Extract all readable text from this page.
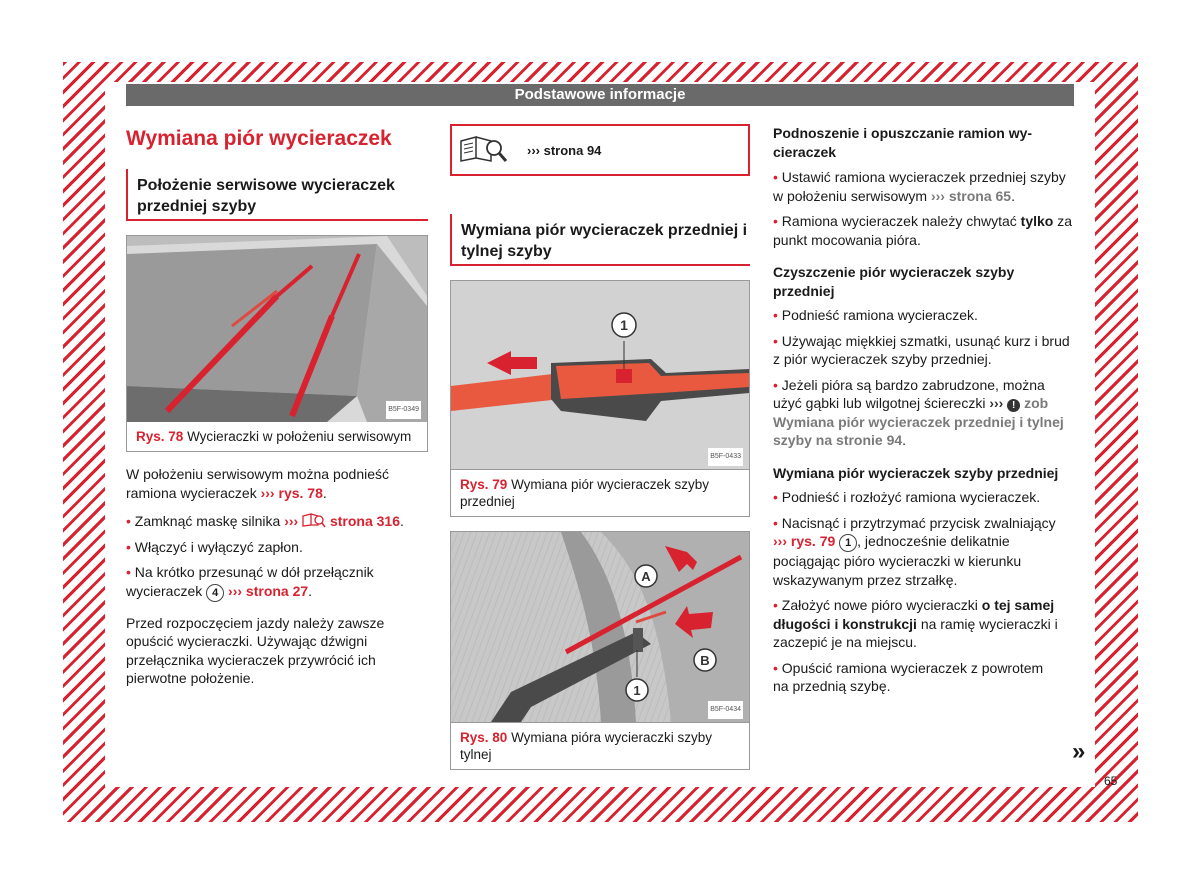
Podstawowe informacje
Wymiana piór wycieraczek
Położenie serwisowe wycieraczek przedniej szyby
B5F-0349
Rys. 78 Wycieraczki w położeniu serwisowym

W położeniu serwisowym można podnieść ramiona wycieraczek ››› rys. 78.

• Zamknąć maskę silnika ››› strona 316.
• Włączyć i wyłączyć zapłon.
• Na krótko przesunąć w dół przełącznik wycieraczek 4 ››› strona 27.

Przed rozpoczęciem jazdy należy zawsze opuścić wycieraczki. Używając dźwigni przełącznika wycieraczek przywrócić ich pierwotne położenie.

››› strona 94
Wymiana piór wycieraczek przedniej i tylnej szyby
1
B5F-0433
Rys. 79 Wymiana piór wycieraczek szyby przedniej
A
B
1
B5F-0434
Rys. 80 Wymiana pióra wycieraczki szyby tylnej
Podnoszenie i opuszczanie ramion wycieraczek
• Ustawić ramiona wycieraczek przedniej szyby w położeniu serwisowym ››› strona 65.
• Ramiona wycieraczek należy chwytać tylko za punkt mocowania pióra.
Czyszczenie piór wycieraczek szyby przedniej
• Podnieść ramiona wycieraczek.
• Używając miękkiej szmatki, usunąć kurz i brud z piór wycieraczek szyby przedniej.
• Jeżeli pióra są bardzo zabrudzone, można użyć gąbki lub wilgotnej ściereczki ››› ! zob Wymiana piór wycieraczek przedniej i tylnej szyby na stronie 94.
Wymiana piór wycieraczek szyby przedniej
• Podnieść i rozłożyć ramiona wycieraczek.
• Nacisnąć i przytrzymać przycisk zwalniający ››› rys. 79 1 , jednocześnie delikatnie pociągając pióro wycieraczki w kierunku wskazywanym przez strzałkę.
• Założyć nowe pióro wycieraczki o tej samej długości i konstrukcji na ramię wycieraczki i zaczepić je na miejscu.
• Opuścić ramiona wycieraczek z powrotem na przednią szybę.
»
65
